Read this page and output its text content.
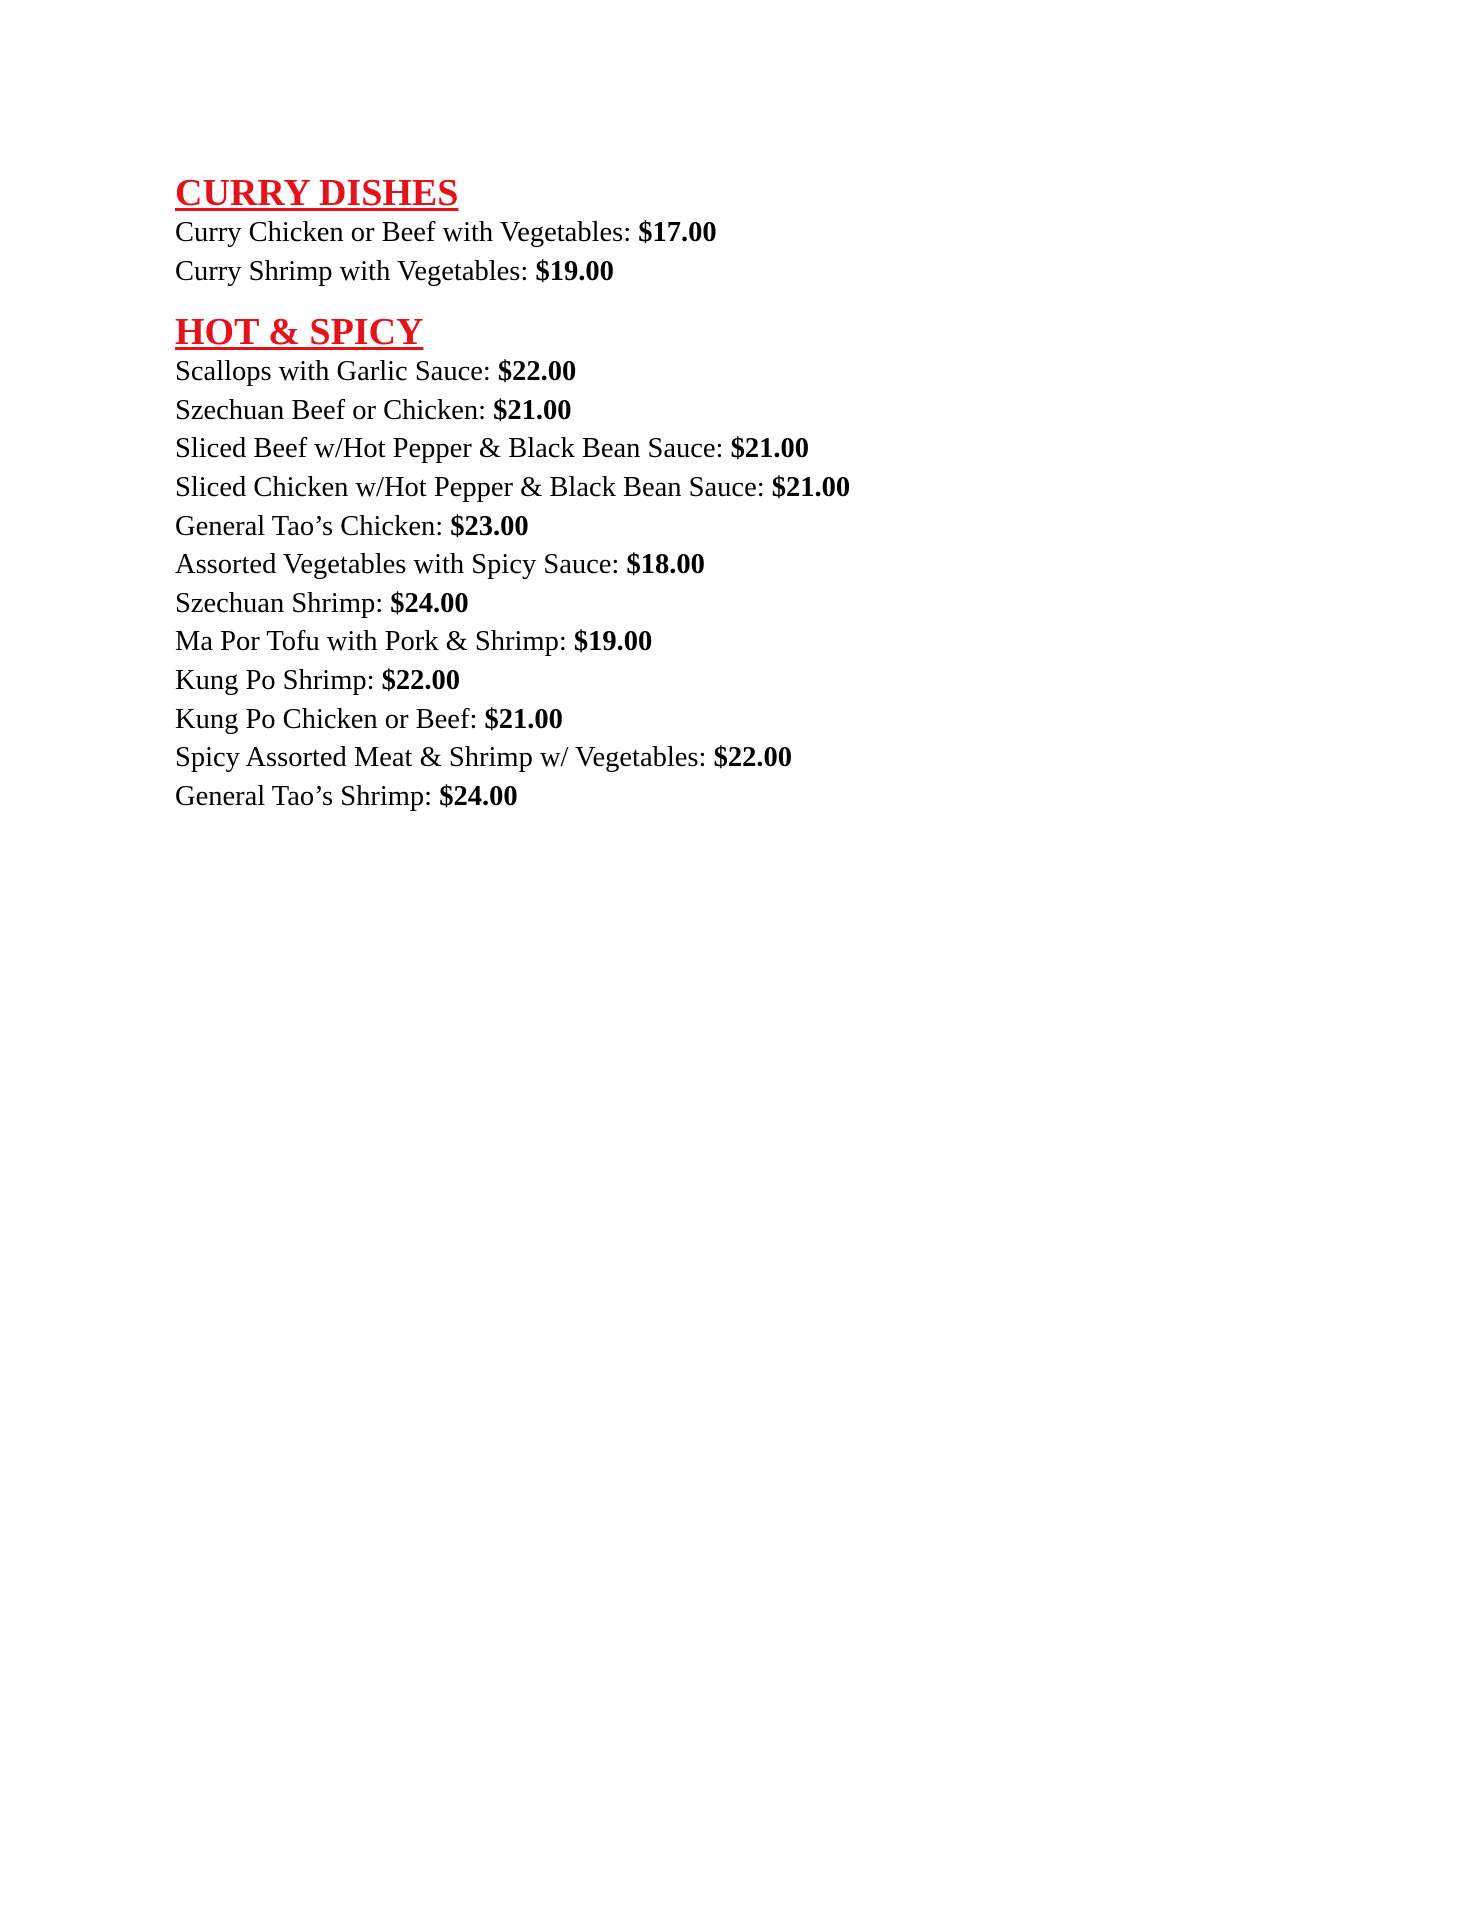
CURRY DISHES
Curry Chicken or Beef with Vegetables: $17.00
Curry Shrimp with Vegetables: $19.00
HOT & SPICY
Scallops with Garlic Sauce: $22.00
Szechuan Beef or Chicken: $21.00
Sliced Beef w/Hot Pepper & Black Bean Sauce: $21.00
Sliced Chicken w/Hot Pepper & Black Bean Sauce: $21.00
General Tao’s Chicken: $23.00
Assorted Vegetables with Spicy Sauce: $18.00
Szechuan Shrimp: $24.00
Ma Por Tofu with Pork & Shrimp: $19.00
Kung Po Shrimp: $22.00
Kung Po Chicken or Beef: $21.00
Spicy Assorted Meat & Shrimp w/ Vegetables: $22.00
General Tao’s Shrimp: $24.00
